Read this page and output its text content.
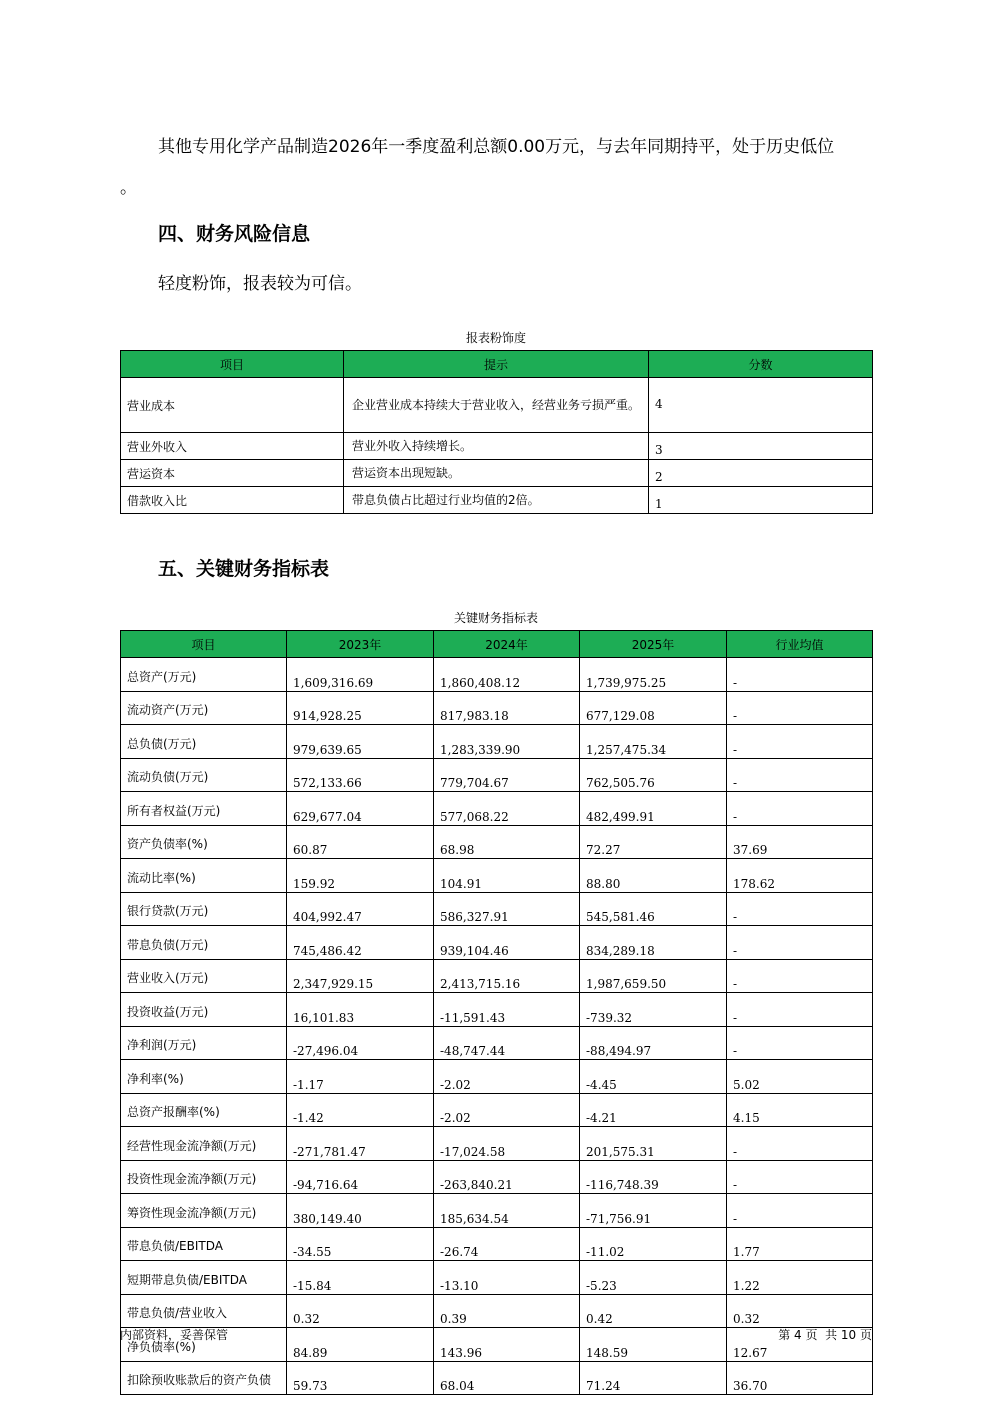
其他专用化学产品制造2026年一季度盈利总额0.00万元，与去年同期持平，处于历史低位
。
四、财务风险信息
轻度粉饰，报表较为可信。
报表粉饰度
项目	提示	分数
营业成本	企业营业成本持续大于营业收入，经营业务亏损严重。	4
营业外收入	营业外收入持续增长。	3
营运资本	营运资本出现短缺。	2
借款收入比	带息负债占比超过行业均值的2倍。	1
五、关键财务指标表
关键财务指标表
项目	2023年	2024年	2025年	行业均值
总资产(万元)	1,609,316.69	1,860,408.12	1,739,975.25	-
流动资产(万元)	914,928.25	817,983.18	677,129.08	-
总负债(万元)	979,639.65	1,283,339.90	1,257,475.34	-
流动负债(万元)	572,133.66	779,704.67	762,505.76	-
所有者权益(万元)	629,677.04	577,068.22	482,499.91	-
资产负债率(%)	60.87	68.98	72.27	37.69
流动比率(%)	159.92	104.91	88.80	178.62
银行贷款(万元)	404,992.47	586,327.91	545,581.46	-
带息负债(万元)	745,486.42	939,104.46	834,289.18	-
营业收入(万元)	2,347,929.15	2,413,715.16	1,987,659.50	-
投资收益(万元)	16,101.83	-11,591.43	-739.32	-
净利润(万元)	-27,496.04	-48,747.44	-88,494.97	-
净利率(%)	-1.17	-2.02	-4.45	5.02
总资产报酬率(%)	-1.42	-2.02	-4.21	4.15
经营性现金流净额(万元)	-271,781.47	-17,024.58	201,575.31	-
投资性现金流净额(万元)	-94,716.64	-263,840.21	-116,748.39	-
筹资性现金流净额(万元)	380,149.40	185,634.54	-71,756.91	-
带息负债/EBITDA	-34.55	-26.74	-11.02	1.77
短期带息负债/EBITDA	-15.84	-13.10	-5.23	1.22
带息负债/营业收入	0.32	0.39	0.42	0.32
净负债率(%)	84.89	143.96	148.59	12.67
扣除预收账款后的资产负债	59.73	68.04	71.24	36.70
内部资料，妥善保管	第 4 页  共 10 页
